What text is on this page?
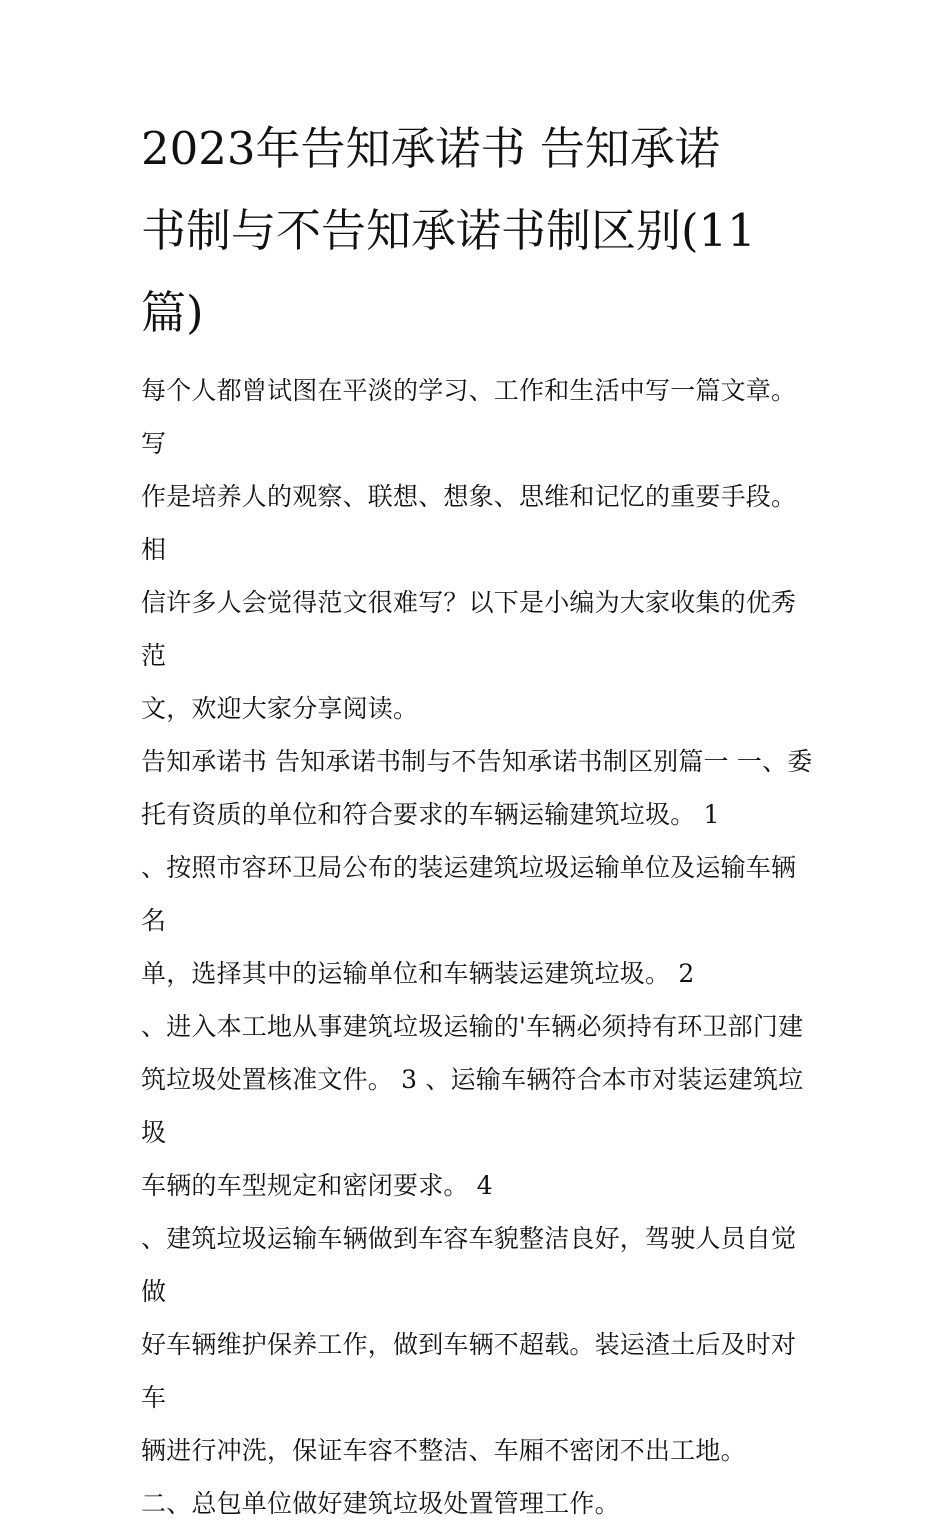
2023年告知承诺书 告知承诺
书制与不告知承诺书制区别(11
篇)

每个人都曾试图在平淡的学习、工作和生活中写一篇文章。写
作是培养人的观察、联想、想象、思维和记忆的重要手段。相
信许多人会觉得范文很难写？以下是小编为大家收集的优秀范
文，欢迎大家分享阅读。

告知承诺书 告知承诺书制与不告知承诺书制区别篇一 一、委
托有资质的单位和符合要求的车辆运输建筑垃圾。 1

、按照市容环卫局公布的装运建筑垃圾运输单位及运输车辆名
单，选择其中的运输单位和车辆装运建筑垃圾。 2

、进入本工地从事建筑垃圾运输的'车辆必须持有环卫部门建
筑垃圾处置核准文件。 3 、运输车辆符合本市对装运建筑垃圾
车辆的车型规定和密闭要求。 4

、建筑垃圾运输车辆做到车容车貌整洁良好，驾驶人员自觉做
好车辆维护保养工作，做到车辆不超载。装运渣土后及时对车
辆进行冲洗，保证车容不整洁、车厢不密闭不出工地。

二、总包单位做好建筑垃圾处置管理工作。
